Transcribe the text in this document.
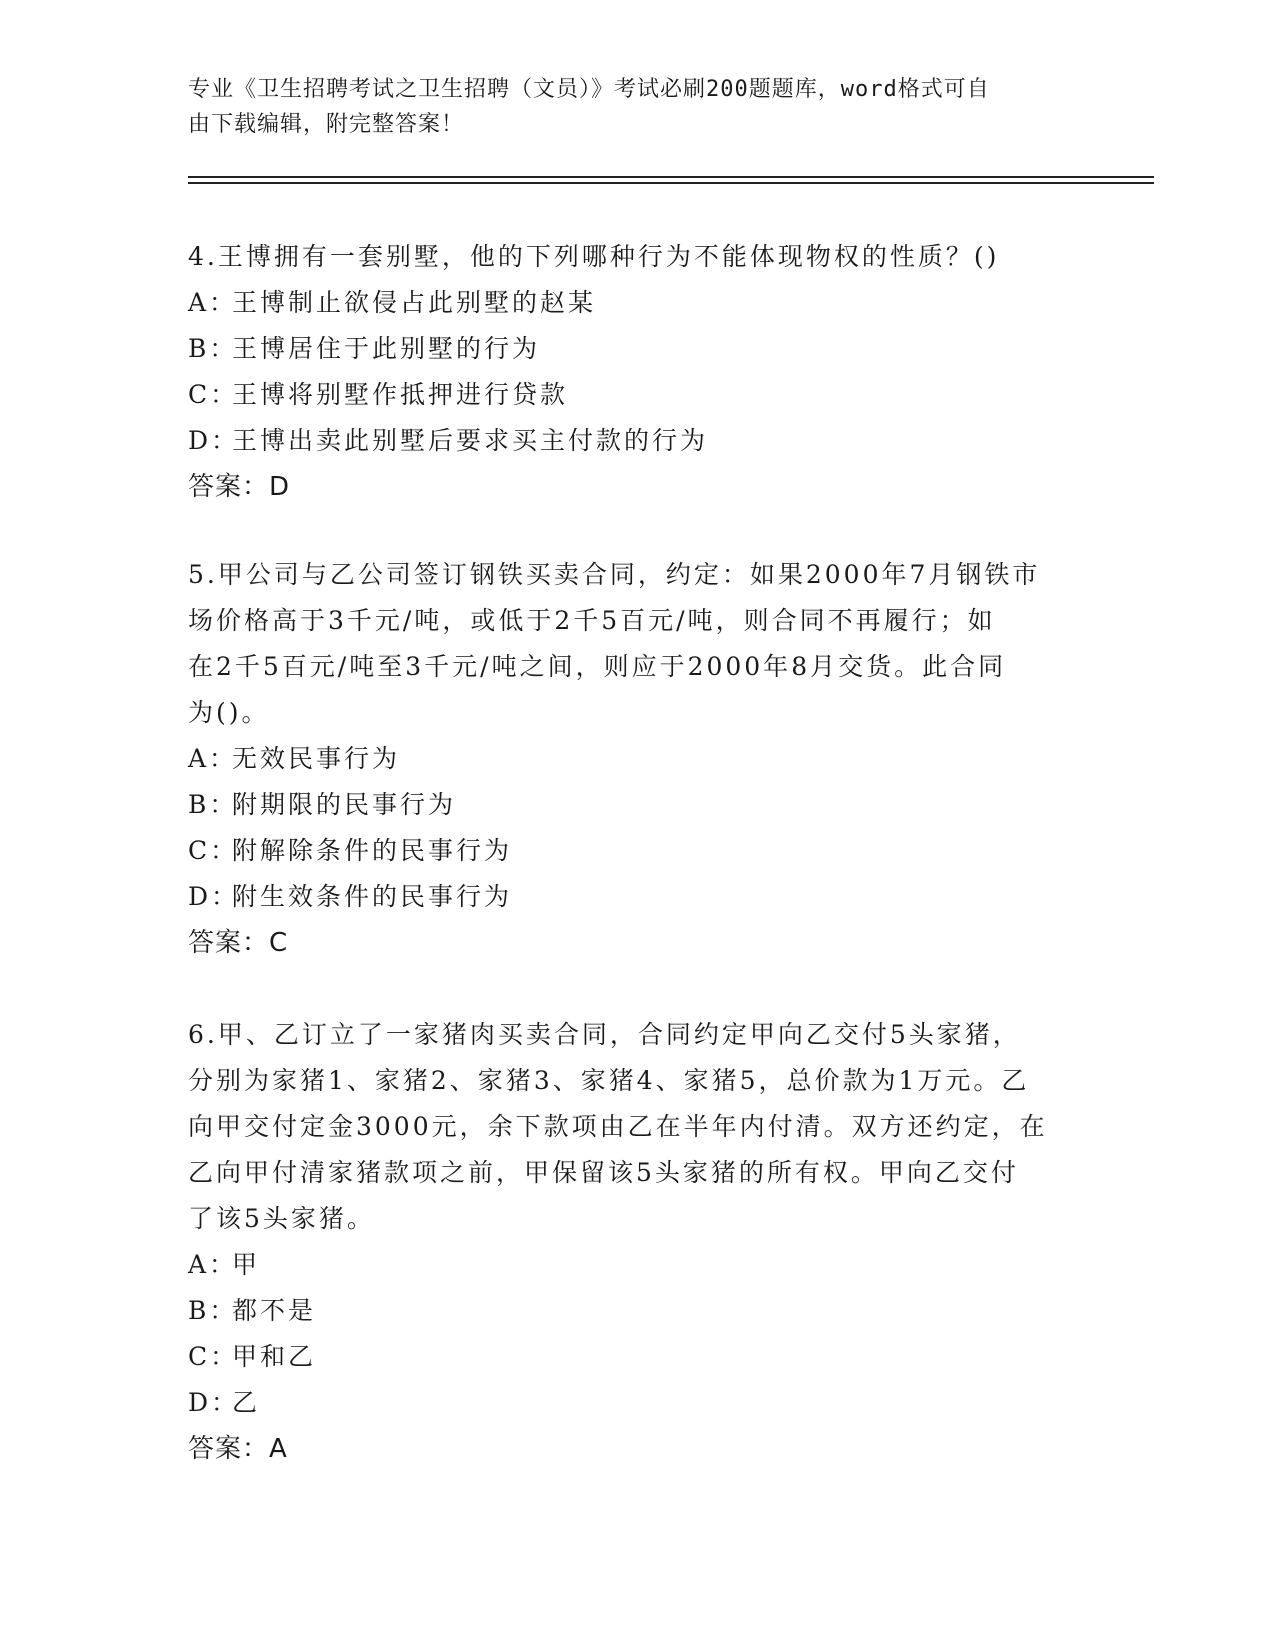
专业《卫生招聘考试之卫生招聘（文员）》考试必刷200题题库，word格式可自
由下载编辑，附完整答案！

4.王博拥有一套别墅，他的下列哪种行为不能体现物权的性质？()

A：王博制止欲侵占此别墅的赵某

B：王博居住于此别墅的行为

C：王博将别墅作抵押进行贷款

D：王博出卖此别墅后要求买主付款的行为

答案：D

5.甲公司与乙公司签订钢铁买卖合同，约定：如果2000年7月钢铁市

场价格高于3千元/吨，或低于2千5百元/吨，则合同不再履行；如

在2千5百元/吨至3千元/吨之间，则应于2000年8月交货。此合同

为()。

A：无效民事行为

B：附期限的民事行为

C：附解除条件的民事行为

D：附生效条件的民事行为

答案：C

6.甲、乙订立了一家猪肉买卖合同，合同约定甲向乙交付5头家猪，

分别为家猪1、家猪2、家猪3、家猪4、家猪5，总价款为1万元。乙

向甲交付定金3000元，余下款项由乙在半年内付清。双方还约定，在

乙向甲付清家猪款项之前，甲保留该5头家猪的所有权。甲向乙交付

了该5头家猪。

A：甲

B：都不是

C：甲和乙

D：乙

答案：A
